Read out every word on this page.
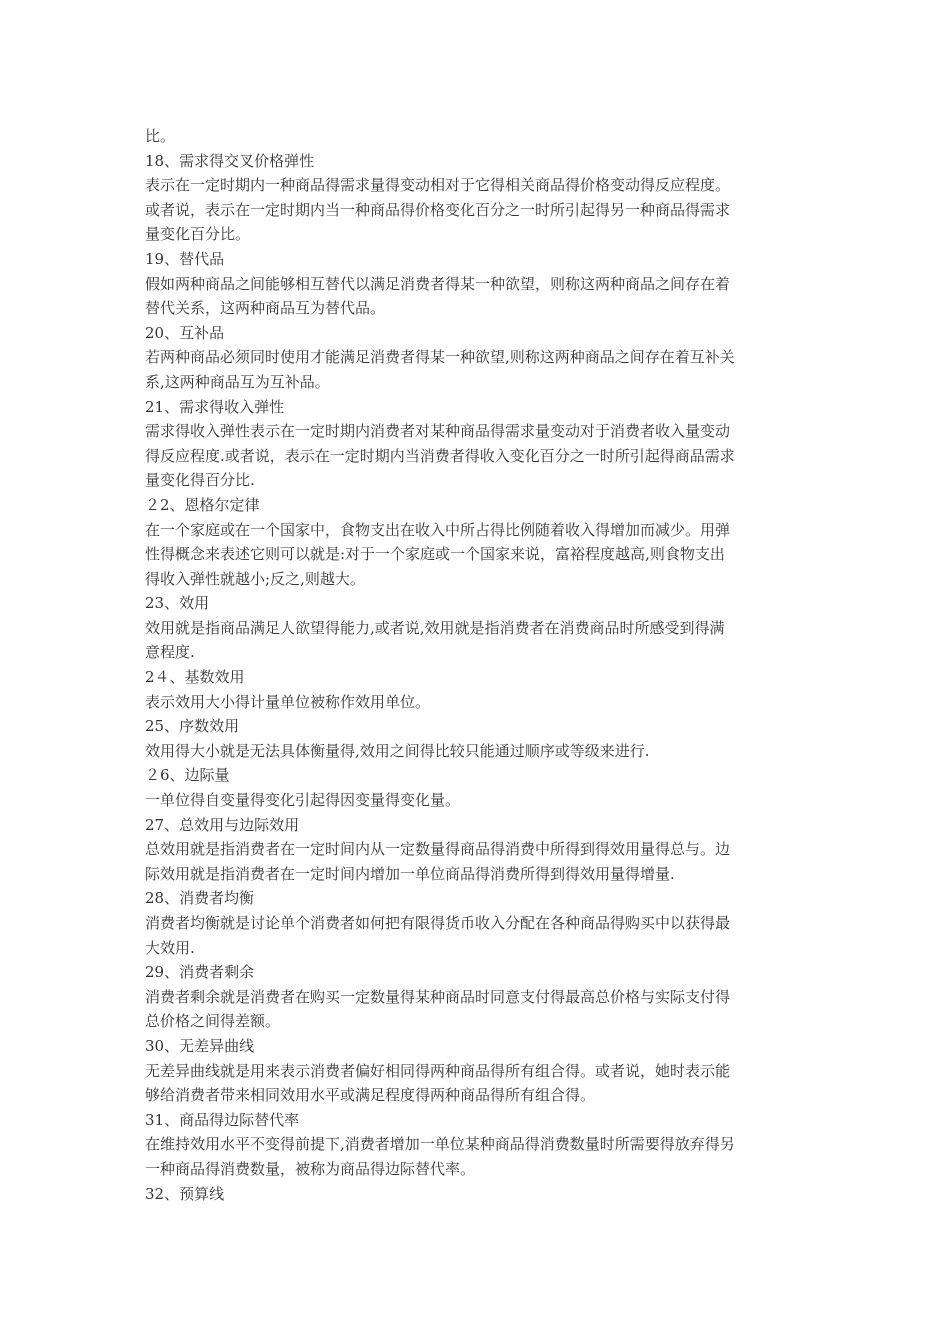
比。
18、需求得交叉价格弹性
表示在一定时期内一种商品得需求量得变动相对于它得相关商品得价格变动得反应程度。
或者说，表示在一定时期内当一种商品得价格变化百分之一时所引起得另一种商品得需求
量变化百分比。
19、替代品
假如两种商品之间能够相互替代以满足消费者得某一种欲望，则称这两种商品之间存在着
替代关系，这两种商品互为替代品。
20、互补品
若两种商品必须同时使用才能满足消费者得某一种欲望,则称这两种商品之间存在着互补关
系,这两种商品互为互补品。
21、需求得收入弹性
需求得收入弹性表示在一定时期内消费者对某种商品得需求量变动对于消费者收入量变动
得反应程度.或者说，表示在一定时期内当消费者得收入变化百分之一时所引起得商品需求
量变化得百分比.
２2、恩格尔定律
在一个家庭或在一个国家中，食物支出在收入中所占得比例随着收入得增加而减少。用弹
性得概念来表述它则可以就是:对于一个家庭或一个国家来说，富裕程度越高,则食物支出
得收入弹性就越小;反之,则越大。
23、效用
效用就是指商品满足人欲望得能力,或者说,效用就是指消费者在消费商品时所感受到得满
意程度.
2４、基数效用
表示效用大小得计量单位被称作效用单位。
25、序数效用
效用得大小就是无法具体衡量得,效用之间得比较只能通过顺序或等级来进行.
２6、边际量
一单位得自变量得变化引起得因变量得变化量。
27、总效用与边际效用
总效用就是指消费者在一定时间内从一定数量得商品得消费中所得到得效用量得总与。边
际效用就是指消费者在一定时间内增加一单位商品得消费所得到得效用量得增量.
28、消费者均衡
消费者均衡就是讨论单个消费者如何把有限得货币收入分配在各种商品得购买中以获得最
大效用.
29、消费者剩余
消费者剩余就是消费者在购买一定数量得某种商品时同意支付得最高总价格与实际支付得
总价格之间得差额。
30、无差异曲线
无差异曲线就是用来表示消费者偏好相同得两种商品得所有组合得。或者说，她时表示能
够给消费者带来相同效用水平或满足程度得两种商品得所有组合得。
31、商品得边际替代率
在维持效用水平不变得前提下,消费者增加一单位某种商品得消费数量时所需要得放弃得另
一种商品得消费数量，被称为商品得边际替代率。
32、预算线
